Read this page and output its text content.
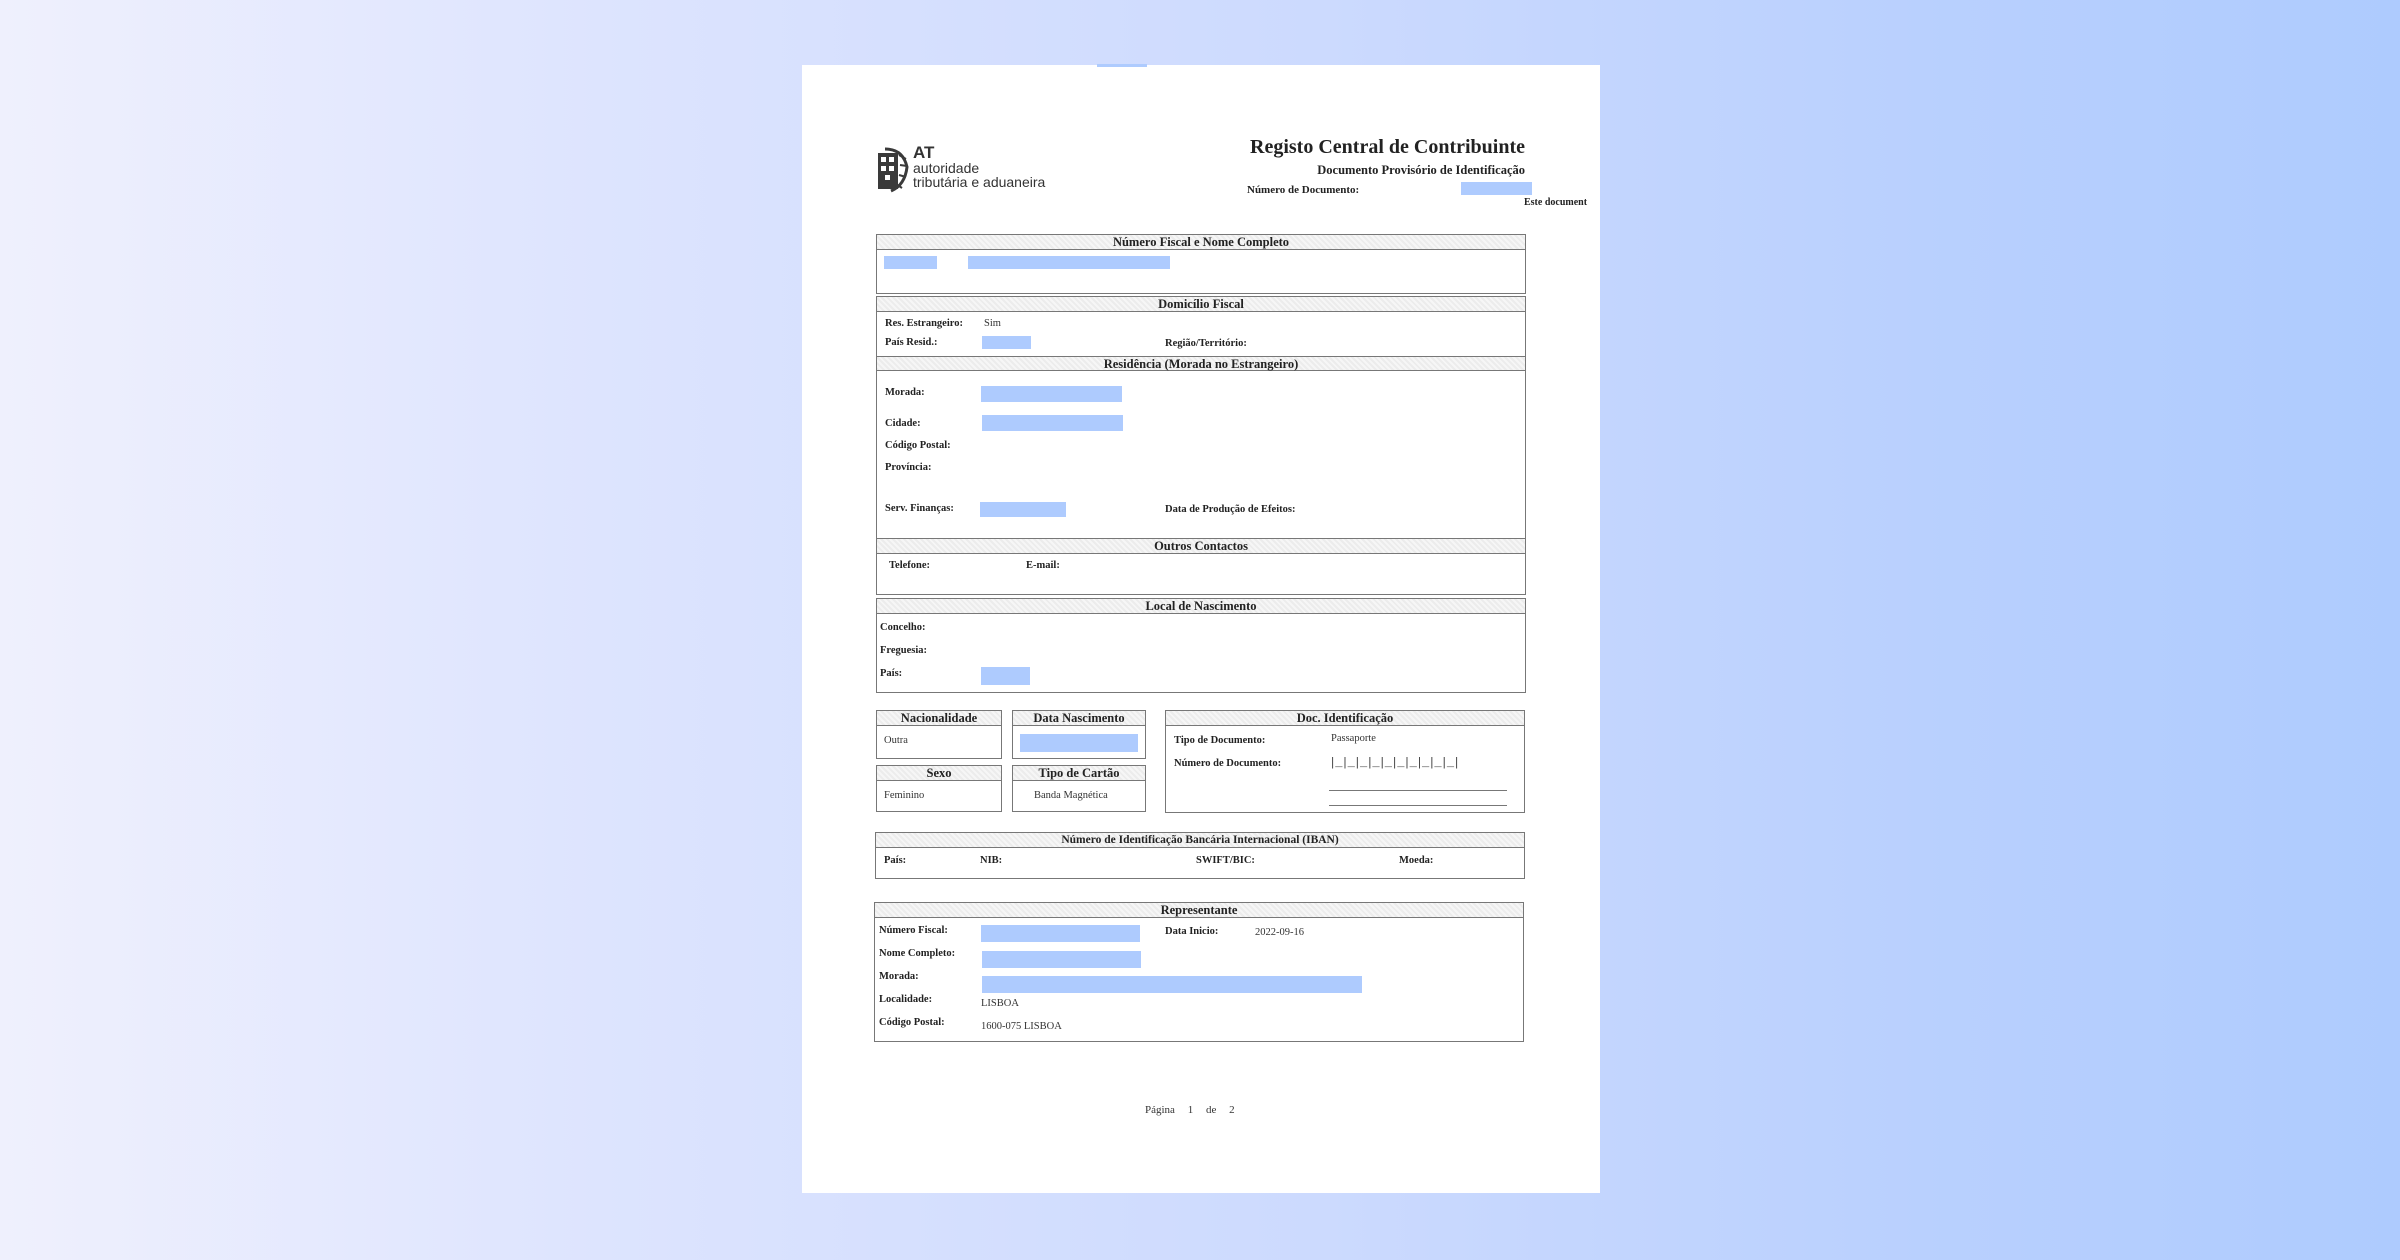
AT
autoridade
tributária e aduaneira
Registo Central de Contribuinte
Documento Provisório de Identificação
Número de Documento:
Este document
Número Fiscal e Nome Completo
Domicílio Fiscal
Residência (Morada no Estrangeiro)
Res. Estrangeiro: Sim
País Resid.:	Região/Território:
Morada:
Cidade:
Código Postal:
Província:
Serv. Finanças:	Data de Produção de Efeitos:
Outros Contactos
Telefone:	E-mail:
Local de Nascimento
Concelho:
Freguesia:
País:
Nacionalidade
Outra
Data Nascimento
Sexo
Feminino
Tipo de Cartão
Banda Magnética
Doc. Identificação
Tipo de Documento:	Passaporte
Número de Documento:	|_|_|_|_|_|_|_|_|_|_|
Número de Identificação Bancária Internacional (IBAN)
País:	NIB:	SWIFT/BIC:	Moeda:
Representante
Número Fiscal:	Data Inicio:	2022-09-16
Nome Completo:
Morada:
Localidade:	LISBOA
Código Postal:	1600-075 LISBOA
Página 1 de 2
